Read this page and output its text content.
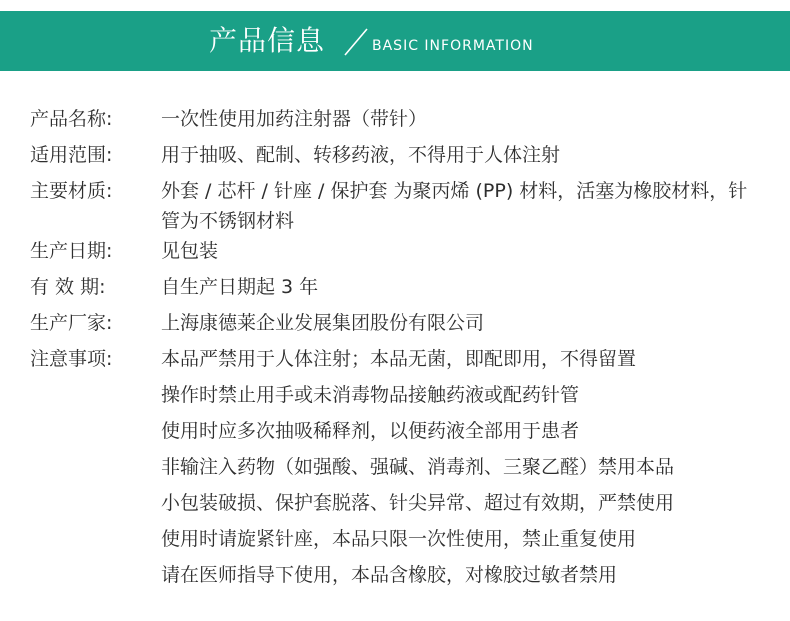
产品信息	BASIC INFORMATION
产品名称:	一次性使用加药注射器（带针）
适用范围:	用于抽吸、配制、转移药液，不得用于人体注射
主要材质:	外套 / 芯杆 / 针座 / 保护套 为聚丙烯 (PP) 材料，活塞为橡胶材料，针管为不锈钢材料
生产日期:	见包装
有 效 期:	自生产日期起 3 年
生产厂家:	上海康德莱企业发展集团股份有限公司
注意事项:	本品严禁用于人体注射；本品无菌，即配即用，不得留置
操作时禁止用手或未消毒物品接触药液或配药针管
使用时应多次抽吸稀释剂，以便药液全部用于患者
非输注入药物（如强酸、强碱、消毒剂、三聚乙醛）禁用本品
小包装破损、保护套脱落、针尖异常、超过有效期，严禁使用
使用时请旋紧针座，本品只限一次性使用，禁止重复使用
请在医师指导下使用，本品含橡胶，对橡胶过敏者禁用
